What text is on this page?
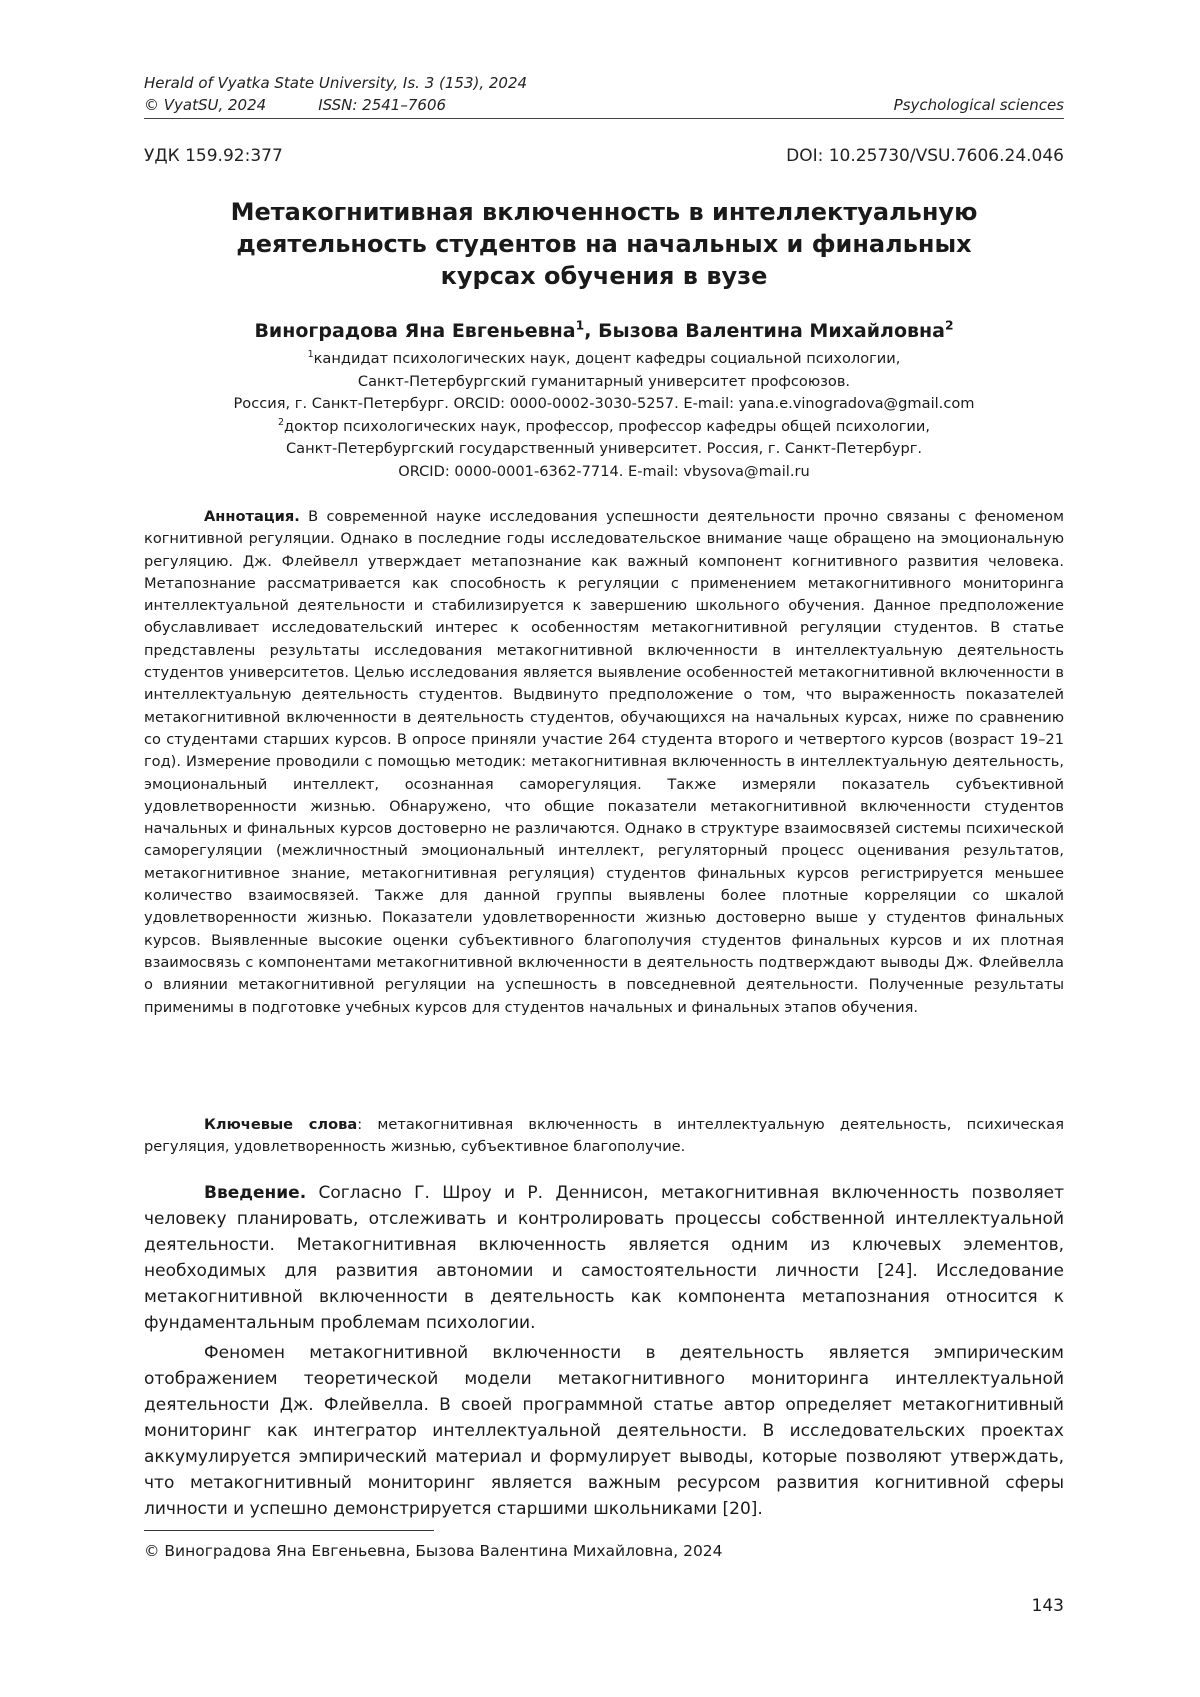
Herald of Vyatka State University, Is. 3 (153), 2024
© VyatSU, 2024	ISSN: 2541–7606	Psychological sciences
УДК 159.92:377	DOI: 10.25730/VSU.7606.24.046
Метакогнитивная включенность в интеллектуальную
деятельность студентов на начальных и финальных
курсах обучения в вузе
Виноградова Яна Евгеньевна$^1$, Бызова Валентина Михайловна$^2$
$^1$кандидат психологических наук, доцент кафедры социальной психологии,
Санкт-Петербургский гуманитарный университет профсоюзов.
Россия, г. Санкт-Петербург. ORCID: 0000-0002-3030-5257. E-mail: yana.e.vinogradova@gmail.com
$^2$доктор психологических наук, профессор, профессор кафедры общей психологии,
Санкт-Петербургский государственный университет. Россия, г. Санкт-Петербург.
ORCID: 0000-0001-6362-7714. E-mail: vbysova@mail.ru
Аннотация. В современной науке исследования успешности деятельности прочно связаны с феноменом когнитивной регуляции. Однако в последние годы исследовательское внимание чаще обращено на эмоциональную регуляцию. Дж. Флейвелл утверждает метапознание как важный компонент когнитивного развития человека. Метапознание рассматривается как способность к регуляции с применением метакогнитивного мониторинга интеллектуальной деятельности и стабилизируется к завершению школьного обучения. Данное предположение обуславливает исследовательский интерес к особенностям метакогнитивной регуляции студентов. В статье представлены результаты исследования метакогнитивной включенности в интеллектуальную деятельность студентов университетов. Целью исследования является выявление особенностей метакогнитивной включенности в интеллектуальную деятельность студентов. Выдвинуто предположение о том, что выраженность показателей метакогнитивной включенности в деятельность студентов, обучающихся на начальных курсах, ниже по сравнению со студентами старших курсов. В опросе приняли участие 264 студента второго и четвертого курсов (возраст 19–21 год). Измерение проводили с помощью методик: метакогнитивная включенность в интеллектуальную деятельность, эмоциональный интеллект, осознанная саморегуляция. Также измеряли показатель субъективной удовлетворенности жизнью. Обнаружено, что общие показатели метакогнитивной включенности студентов начальных и финальных курсов достоверно не различаются. Однако в структуре взаимосвязей системы психической саморегуляции (межличностный эмоциональный интеллект, регуляторный процесс оценивания результатов, метакогнитивное знание, метакогнитивная регуляция) студентов финальных курсов регистрируется меньшее количество взаимосвязей. Также для данной группы выявлены более плотные корреляции со шкалой удовлетворенности жизнью. Показатели удовлетворенности жизнью достоверно выше у студентов финальных курсов. Выявленные высокие оценки субъективного благополучия студентов финальных курсов и их плотная взаимосвязь с компонентами метакогнитивной включенности в деятельность подтверждают выводы Дж. Флейвелла о влиянии метакогнитивной регуляции на успешность в повседневной деятельности. Полученные результаты применимы в подготовке учебных курсов для студентов начальных и финальных этапов обучения.
Ключевые слова: метакогнитивная включенность в интеллектуальную деятельность, психическая регуляция, удовлетворенность жизнью, субъективное благополучие.

Введение. Согласно Г. Шроу и Р. Деннисон, метакогнитивная включенность позволяет человеку планировать, отслеживать и контролировать процессы собственной интеллектуальной деятельности. Метакогнитивная включенность является одним из ключевых элементов, необходимых для развития автономии и самостоятельности личности [24]. Исследование метакогнитивной включенности в деятельность как компонента метапознания относится к фундаментальным проблемам психологии.

Феномен метакогнитивной включенности в деятельность является эмпирическим отображением теоретической модели метакогнитивного мониторинга интеллектуальной деятельности Дж. Флейвелла. В своей программной статье автор определяет метакогнитивный мониторинг как интегратор интеллектуальной деятельности. В исследовательских проектах аккумулируется эмпирический материал и формулирует выводы, которые позволяют утверждать, что метакогнитивный мониторинг является важным ресурсом развития когнитивной сферы личности и успешно демонстрируется старшими школьниками [20].

© Виноградова Яна Евгеньевна, Бызова Валентина Михайловна, 2024
143
